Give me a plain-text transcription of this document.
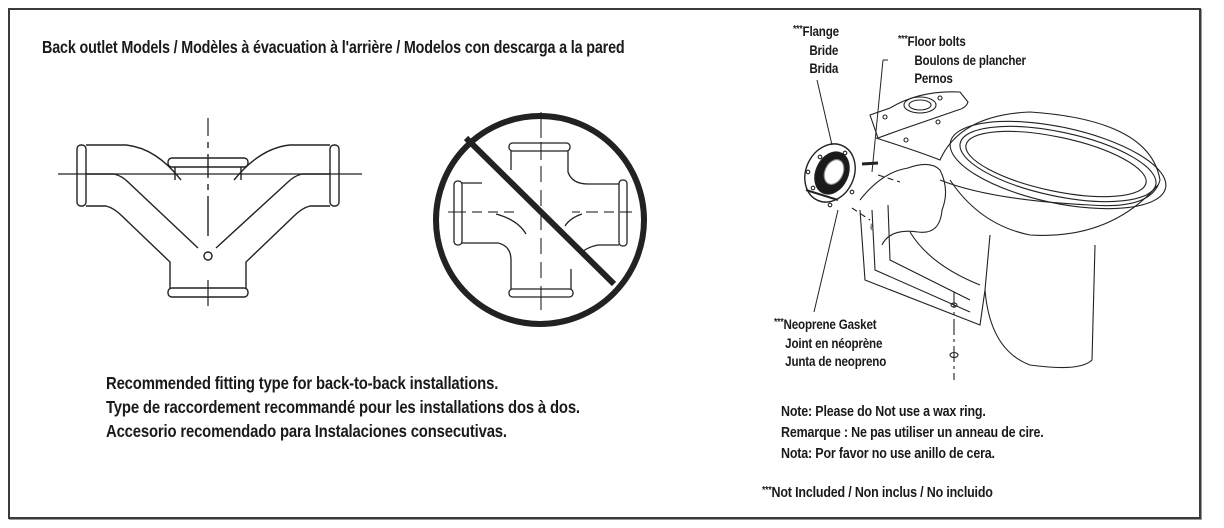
Back outlet Models / Modèles à évacuation à l'arrière / Modelos con descarga a la pared
Recommended fitting type for back-to-back installations.
Type de raccordement recommandé pour les installations dos à dos.
Accesorio recomendado para Instalaciones consecutivas.
ℓ
***Flange
Bride
Brida
***Floor bolts
Boulons de plancher
Pernos
***Neoprene Gasket
Joint en néoprène
Junta de neopreno
Note: Please do Not use a wax ring.
Remarque : Ne pas utiliser un anneau de cire.
Nota: Por favor no use anillo de cera.
***Not Included / Non inclus / No incluido
